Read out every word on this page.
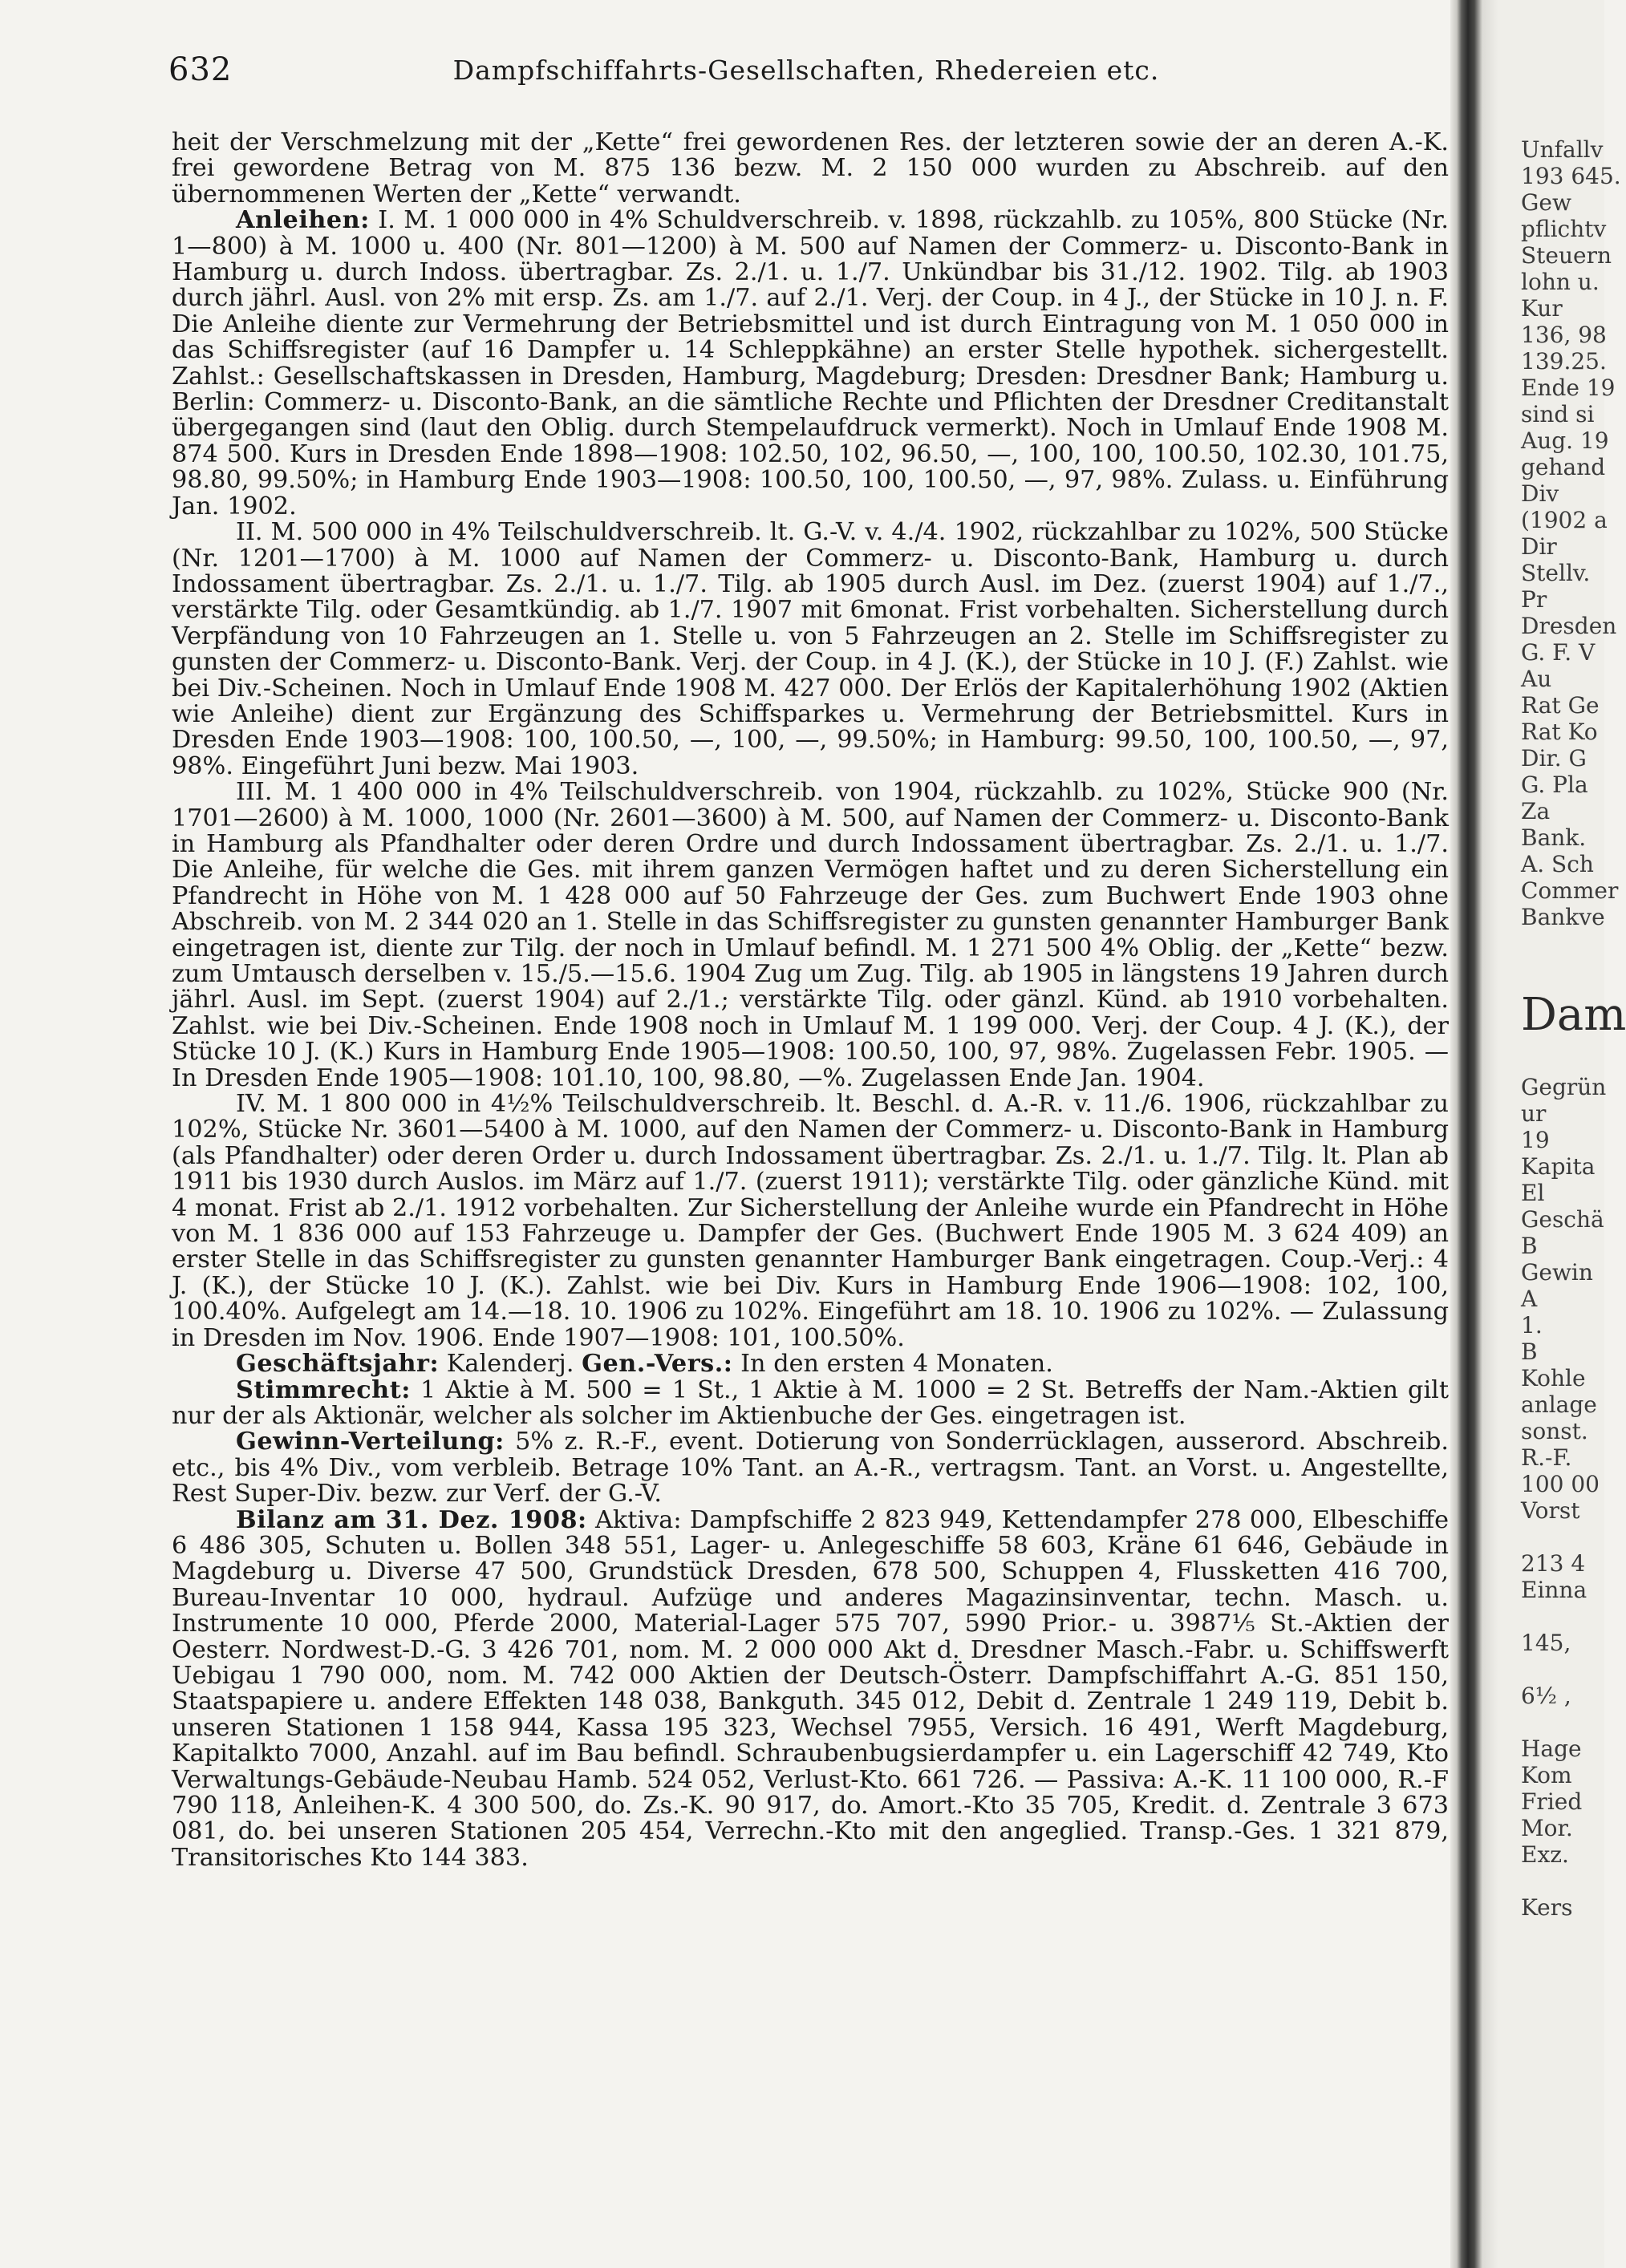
632	Dampfschiffahrts-Gesellschaften, Rhedereien etc.

heit der Verschmelzung mit der „Kette“ frei gewordenen Res. der letzteren sowie der an deren A.-K. frei gewordene Betrag von M. 875 136 bezw. M. 2 150 000 wurden zu Abschreib. auf den übernommenen Werten der „Kette“ verwandt.

Anleihen: I. M. 1 000 000 in 4% Schuldverschreib. v. 1898, rückzahlb. zu 105%, 800 Stücke (Nr. 1—800) à M. 1000 u. 400 (Nr. 801—1200) à M. 500 auf Namen der Commerz- u. Disconto-Bank in Hamburg u. durch Indoss. übertragbar. Zs. 2./1. u. 1./7. Unkündbar bis 31./12. 1902. Tilg. ab 1903 durch jährl. Ausl. von 2% mit ersp. Zs. am 1./7. auf 2./1. Verj. der Coup. in 4 J., der Stücke in 10 J. n. F. Die Anleihe diente zur Vermehrung der Betriebsmittel und ist durch Eintragung von M. 1 050 000 in das Schiffsregister (auf 16 Dampfer u. 14 Schleppkähne) an erster Stelle hypothek. sichergestellt. Zahlst.: Gesellschaftskassen in Dresden, Hamburg, Magdeburg; Dresden: Dresdner Bank; Hamburg u. Berlin: Commerz- u. Disconto-Bank, an die sämtliche Rechte und Pflichten der Dresdner Creditanstalt übergegangen sind (laut den Oblig. durch Stempelaufdruck vermerkt). Noch in Umlauf Ende 1908 M. 874 500. Kurs in Dresden Ende 1898—1908: 102.50, 102, 96.50, —, 100, 100, 100.50, 102.30, 101.75, 98.80, 99.50%; in Hamburg Ende 1903—1908: 100.50, 100, 100.50, —, 97, 98%. Zulass. u. Einführung Jan. 1902.

II. M. 500 000 in 4% Teilschuldverschreib. lt. G.-V. v. 4./4. 1902, rückzahlbar zu 102%, 500 Stücke (Nr. 1201—1700) à M. 1000 auf Namen der Commerz- u. Disconto-Bank, Hamburg u. durch Indossament übertragbar. Zs. 2./1. u. 1./7. Tilg. ab 1905 durch Ausl. im Dez. (zuerst 1904) auf 1./7., verstärkte Tilg. oder Gesamtkündig. ab 1./7. 1907 mit 6monat. Frist vorbehalten. Sicherstellung durch Verpfändung von 10 Fahrzeugen an 1. Stelle u. von 5 Fahrzeugen an 2. Stelle im Schiffsregister zu gunsten der Commerz- u. Disconto-Bank. Verj. der Coup. in 4 J. (K.), der Stücke in 10 J. (F.) Zahlst. wie bei Div.-Scheinen. Noch in Umlauf Ende 1908 M. 427 000. Der Erlös der Kapitalerhöhung 1902 (Aktien wie Anleihe) dient zur Ergänzung des Schiffsparkes u. Vermehrung der Betriebsmittel. Kurs in Dresden Ende 1903—1908: 100, 100.50, —, 100, —, 99.50%; in Hamburg: 99.50, 100, 100.50, —, 97, 98%. Eingeführt Juni bezw. Mai 1903.

III. M. 1 400 000 in 4% Teilschuldverschreib. von 1904, rückzahlb. zu 102%, Stücke 900 (Nr. 1701—2600) à M. 1000, 1000 (Nr. 2601—3600) à M. 500, auf Namen der Commerz- u. Disconto-Bank in Hamburg als Pfandhalter oder deren Ordre und durch Indossament übertragbar. Zs. 2./1. u. 1./7. Die Anleihe, für welche die Ges. mit ihrem ganzen Vermögen haftet und zu deren Sicherstellung ein Pfandrecht in Höhe von M. 1 428 000 auf 50 Fahrzeuge der Ges. zum Buchwert Ende 1903 ohne Abschreib. von M. 2 344 020 an 1. Stelle in das Schiffsregister zu gunsten genannter Hamburger Bank eingetragen ist, diente zur Tilg. der noch in Umlauf befindl. M. 1 271 500 4% Oblig. der „Kette“ bezw. zum Umtausch derselben v. 15./5.—15.6. 1904 Zug um Zug. Tilg. ab 1905 in längstens 19 Jahren durch jährl. Ausl. im Sept. (zuerst 1904) auf 2./1.; verstärkte Tilg. oder gänzl. Künd. ab 1910 vorbehalten. Zahlst. wie bei Div.-Scheinen. Ende 1908 noch in Umlauf M. 1 199 000. Verj. der Coup. 4 J. (K.), der Stücke 10 J. (K.) Kurs in Hamburg Ende 1905—1908: 100.50, 100, 97, 98%. Zugelassen Febr. 1905. — In Dresden Ende 1905—1908: 101.10, 100, 98.80, —%. Zugelassen Ende Jan. 1904.

IV. M. 1 800 000 in 4½% Teilschuldverschreib. lt. Beschl. d. A.-R. v. 11./6. 1906, rückzahlbar zu 102%, Stücke Nr. 3601—5400 à M. 1000, auf den Namen der Commerz- u. Disconto-Bank in Hamburg (als Pfandhalter) oder deren Order u. durch Indossament übertragbar. Zs. 2./1. u. 1./7. Tilg. lt. Plan ab 1911 bis 1930 durch Auslos. im März auf 1./7. (zuerst 1911); verstärkte Tilg. oder gänzliche Künd. mit 4 monat. Frist ab 2./1. 1912 vorbehalten. Zur Sicherstellung der Anleihe wurde ein Pfandrecht in Höhe von M. 1 836 000 auf 153 Fahrzeuge u. Dampfer der Ges. (Buchwert Ende 1905 M. 3 624 409) an erster Stelle in das Schiffsregister zu gunsten genannter Hamburger Bank eingetragen. Coup.-Verj.: 4 J. (K.), der Stücke 10 J. (K.). Zahlst. wie bei Div. Kurs in Hamburg Ende 1906—1908: 102, 100, 100.40%. Aufgelegt am 14.—18. 10. 1906 zu 102%. Eingeführt am 18. 10. 1906 zu 102%. — Zulassung in Dresden im Nov. 1906. Ende 1907—1908: 101, 100.50%.

Geschäftsjahr: Kalenderj. Gen.-Vers.: In den ersten 4 Monaten.

Stimmrecht: 1 Aktie à M. 500 = 1 St., 1 Aktie à M. 1000 = 2 St. Betreffs der Nam.-Aktien gilt nur der als Aktionär, welcher als solcher im Aktienbuche der Ges. eingetragen ist.

Gewinn-Verteilung: 5% z. R.-F., event. Dotierung von Sonderrücklagen, ausserord. Abschreib. etc., bis 4% Div., vom verbleib. Betrage 10% Tant. an A.-R., vertragsm. Tant. an Vorst. u. Angestellte, Rest Super-Div. bezw. zur Verf. der G.-V.

Bilanz am 31. Dez. 1908: Aktiva: Dampfschiffe 2 823 949, Kettendampfer 278 000, Elbeschiffe 6 486 305, Schuten u. Bollen 348 551, Lager- u. Anlegeschiffe 58 603, Kräne 61 646, Gebäude in Magdeburg u. Diverse 47 500, Grundstück Dresden, 678 500, Schuppen 4, Flussketten 416 700, Bureau-Inventar 10 000, hydraul. Aufzüge und anderes Magazinsinventar, techn. Masch. u. Instrumente 10 000, Pferde 2000, Material-Lager 575 707, 5990 Prior.- u. 3987⅕ St.-Aktien der Oesterr. Nordwest-D.-G. 3 426 701, nom. M. 2 000 000 Akt d. Dresdner Masch.-Fabr. u. Schiffswerft Uebigau 1 790 000, nom. M. 742 000 Aktien der Deutsch-Österr. Dampfschiffahrt A.-G. 851 150, Staatspapiere u. andere Effekten 148 038, Bankguth. 345 012, Debit d. Zentrale 1 249 119, Debit b. unseren Stationen 1 158 944, Kassa 195 323, Wechsel 7955, Versich. 16 491, Werft Magdeburg, Kapitalkto 7000, Anzahl. auf im Bau befindl. Schraubenbugsierdampfer u. ein Lagerschiff 42 749, Kto Verwaltungs-Gebäude-Neubau Hamb. 524 052, Verlust-Kto. 661 726. — Passiva: A.-K. 11 100 000, R.-F 790 118, Anleihen-K. 4 300 500, do. Zs.-K. 90 917, do. Amort.-Kto 35 705, Kredit. d. Zentrale 3 673 081, do. bei unseren Stationen 205 454, Verrechn.-Kto mit den angeglied. Transp.-Ges. 1 321 879, Transitorisches Kto 144 383.

Unfallv
193 645.
Gew
pflichtv
Steuern
lohn u.
Kur
136, 98
139.25.
Ende 19
sind si
Aug. 19
gehand
Div
(1902 a
Dir
Stellv.
Pr
Dresden
G. F. V
Au
Rat Ge
Rat Ko
Dir. G
G. Pla
Za
Bank.
A. Sch
Commer
Bankve
Dam
Gegrün
ur
19
Kapita
El
Geschä
B
Gewin
A
1.
B
Kohle
anlage
sonst.
R.-F.
100 00
Vorst
213 4
Einna
145,
6½ ,
Hage
Kom
Fried
Mor.
Exz.
Kers
